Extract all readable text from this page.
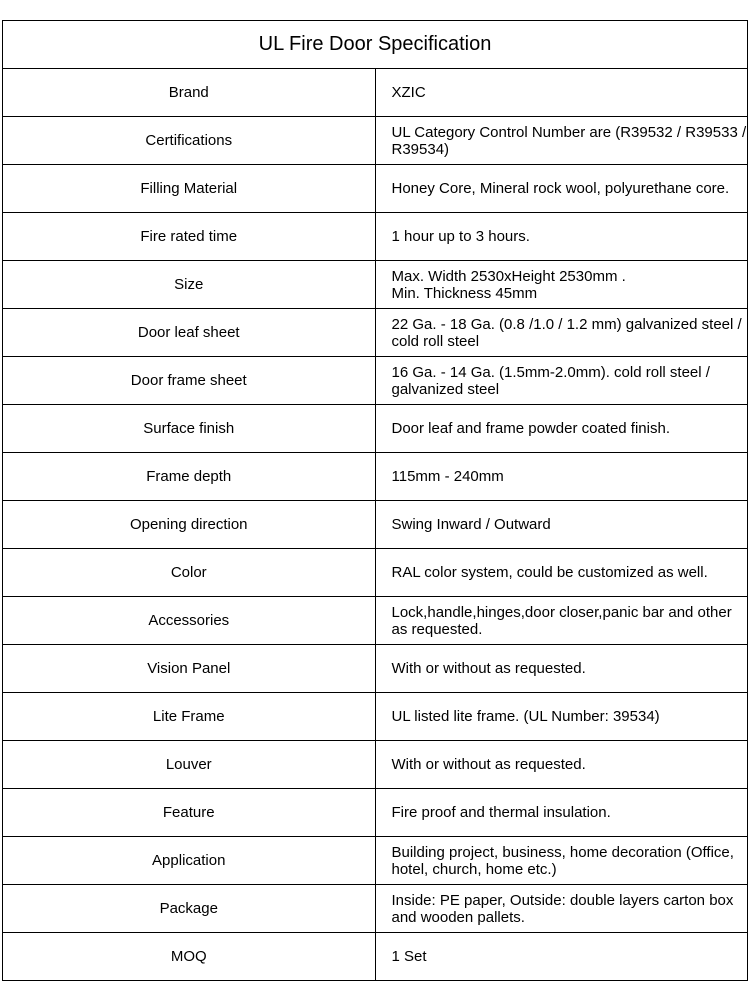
UL Fire Door Specification	
Brand	XZIC

Certifications	UL Category Control Number are (R39532 / R39533 / R39534)

Filling Material	Honey Core, Mineral rock wool, polyurethane core.

Fire rated time	1 hour up to 3 hours.

Size	Max. Width 2530xHeight 2530mm .
Min. Thickness 45mm

Door leaf sheet	22 Ga. - 18 Ga. (0.8 /1.0 / 1.2 mm) galvanized steel / cold roll steel

Door frame sheet	16 Ga. - 14 Ga. (1.5mm-2.0mm). cold roll steel / galvanized steel

Surface finish	Door leaf and frame powder coated finish.

Frame depth	115mm - 240mm

Opening direction	Swing Inward / Outward

Color	RAL color system, could be customized as well.

Accessories	Lock,handle,hinges,door closer,panic bar and other as requested.

Vision Panel	With or without as requested.

Lite Frame	UL listed lite frame. (UL Number: 39534)

Louver	With or without as requested.

Feature	Fire proof and thermal insulation.

Application	Building project, business, home decoration (Office, hotel, church, home etc.)

Package	Inside: PE paper, Outside: double layers carton box and wooden pallets.

MOQ	1 Set
